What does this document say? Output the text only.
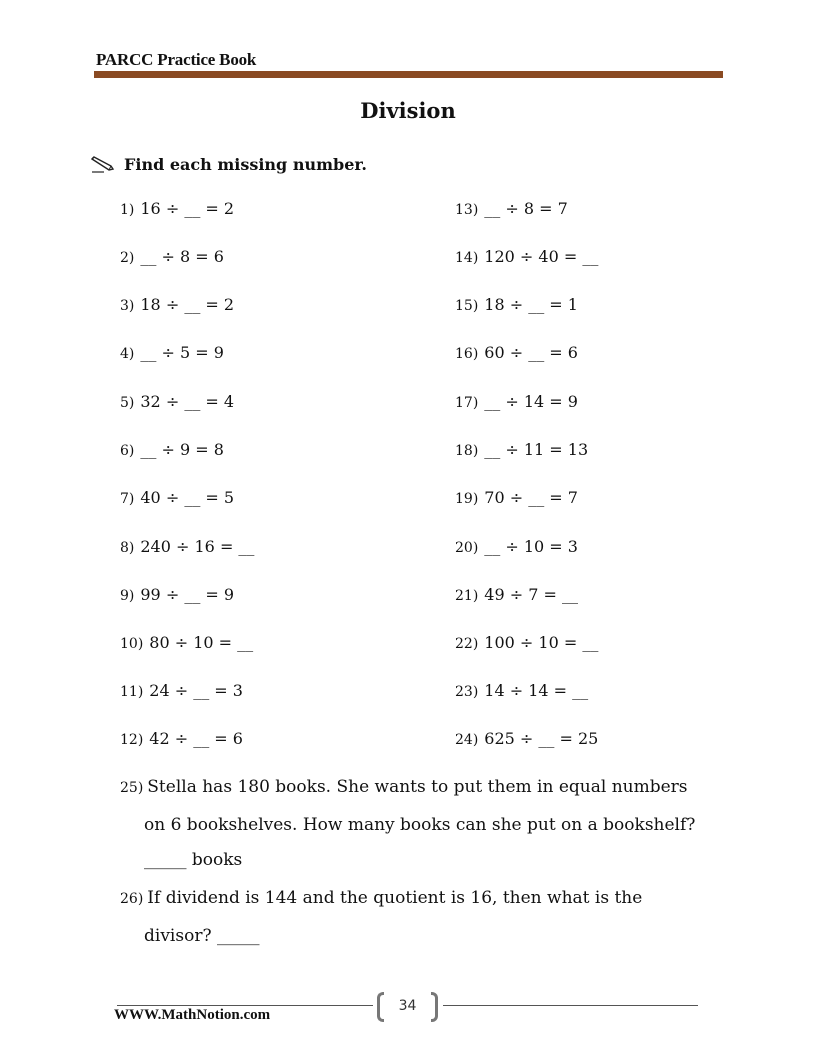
PARCC Practice Book
Division
Find each missing number.
1) 16 ÷ __ = 2
2) __ ÷ 8 = 6
3) 18 ÷ __ = 2
4) __ ÷ 5 = 9
5) 32 ÷ __ = 4
6) __ ÷ 9 = 8
7) 40 ÷ __ = 5
8) 240 ÷ 16 = __
9) 99 ÷ __ = 9
10) 80 ÷ 10 = __
11) 24 ÷ __ = 3
12) 42 ÷ __ = 6
13) __ ÷ 8 = 7
14) 120 ÷ 40 = __
15) 18 ÷ __ = 1
16) 60 ÷ __ = 6
17) __ ÷ 14 = 9
18) __ ÷ 11 = 13
19) 70 ÷ __ = 7
20) __ ÷ 10 = 3
21) 49 ÷ 7 = __
22) 100 ÷ 10 = __
23) 14 ÷ 14 = __
24) 625 ÷ __ = 25
25) Stella has 180 books. She wants to put them in equal numbers
on 6 bookshelves. How many books can she put on a bookshelf?
_____ books
26) If dividend is 144 and the quotient is 16, then what is the
divisor? _____
34
WWW.MathNotion.com
